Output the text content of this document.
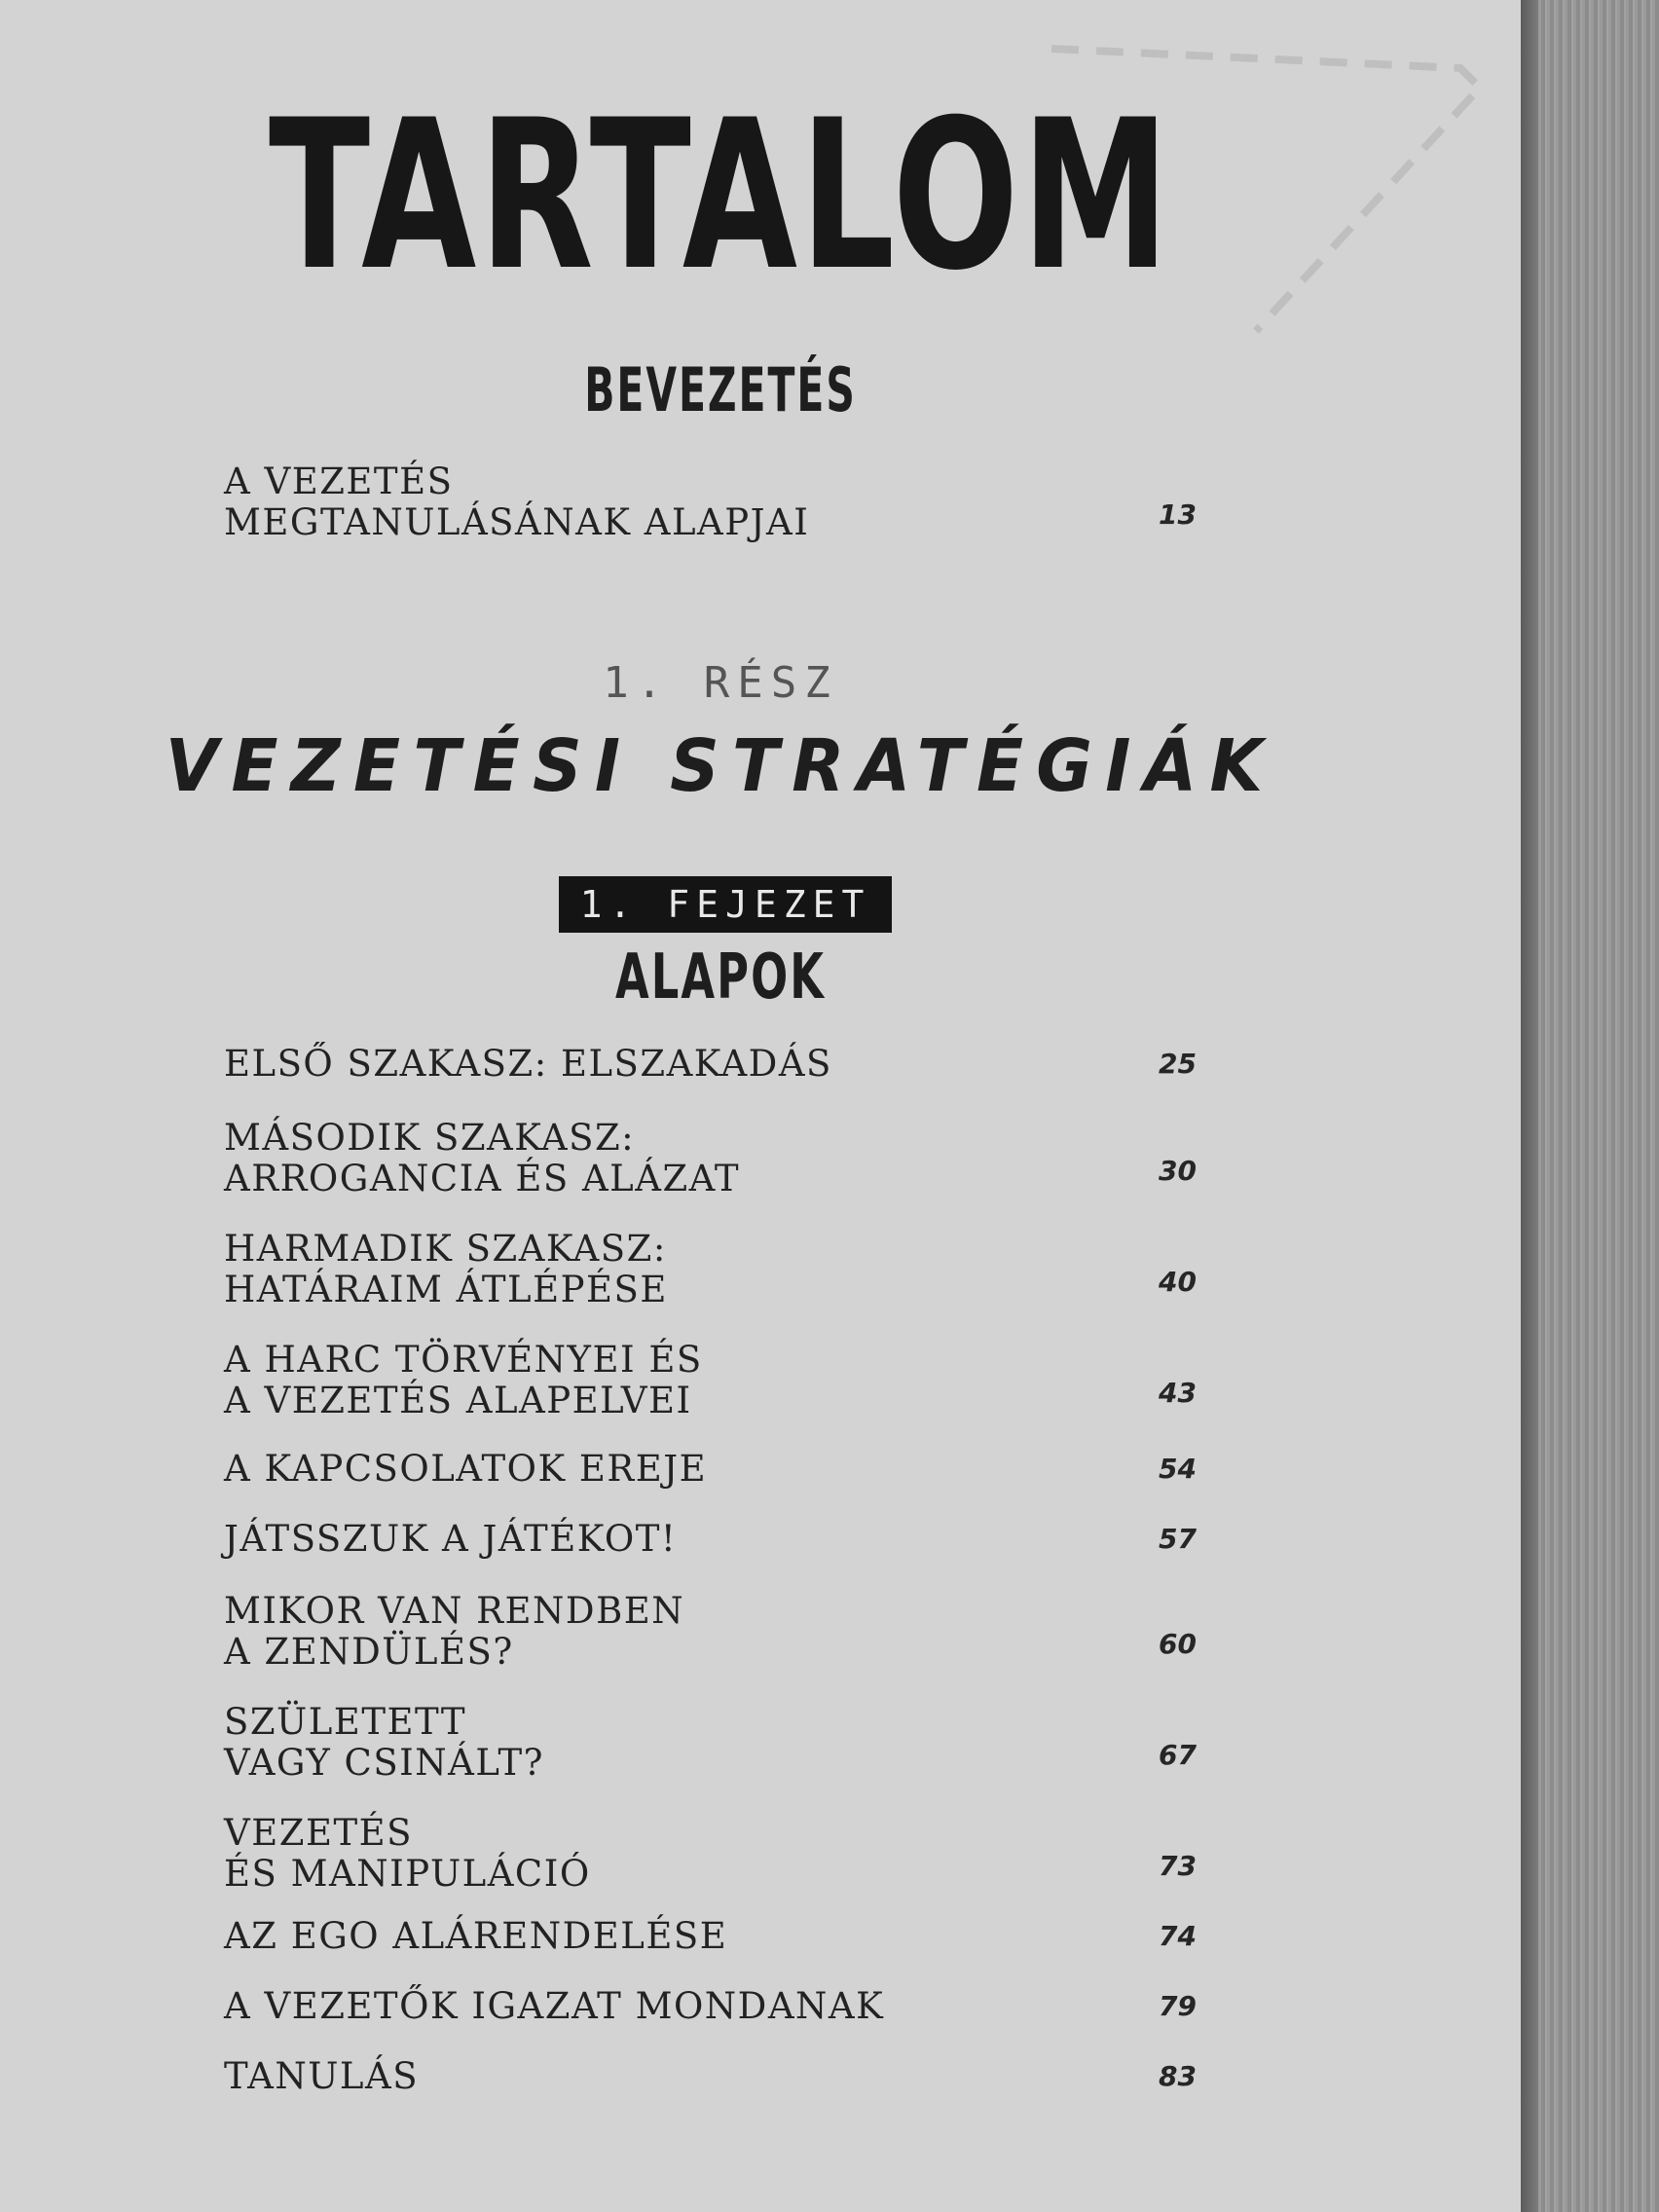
TARTALOM
BEVEZETÉS
A VEZETÉS
MEGTANULÁSÁNAK ALAPJAI	13
1. RÉSZ
VEZETÉSI STRATÉGIÁK
1. FEJEZET
ALAPOK
ELSŐ SZAKASZ: ELSZAKADÁS	25
MÁSODIK SZAKASZ:
ARROGANCIA ÉS ALÁZAT	30
HARMADIK SZAKASZ:
HATÁRAIM ÁTLÉPÉSE	40
A HARC TÖRVÉNYEI ÉS
A VEZETÉS ALAPELVEI	43
A KAPCSOLATOK EREJE	54
JÁTSSZUK A JÁTÉKOT!	57
MIKOR VAN RENDBEN
A ZENDÜLÉS?	60
SZÜLETETT
VAGY CSINÁLT?	67
VEZETÉS
ÉS MANIPULÁCIÓ	73
AZ EGO ALÁRENDELÉSE	74
A VEZETŐK IGAZAT MONDANAK	79
TANULÁS	83
